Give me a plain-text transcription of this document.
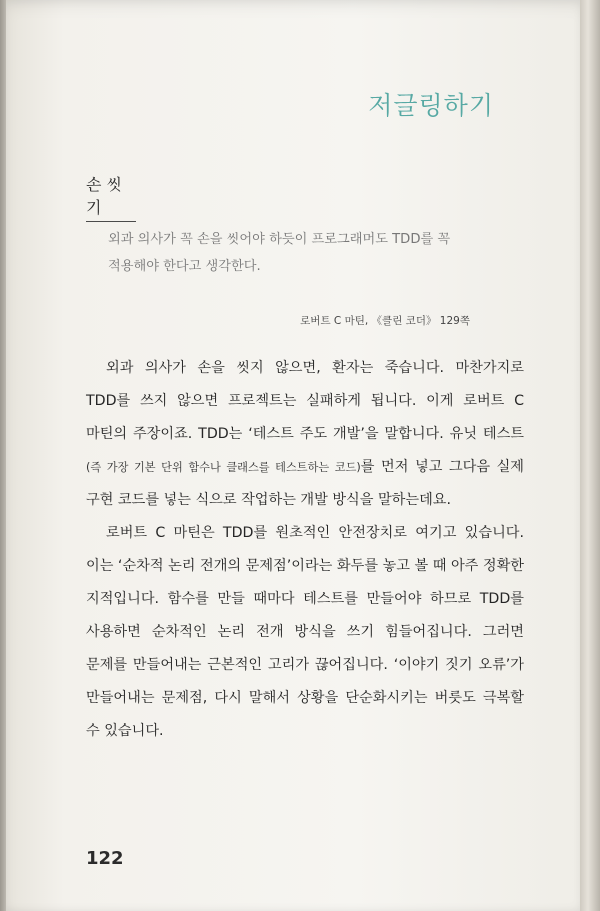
저글링하기
손 씻기
외과 의사가 꼭 손을 씻어야 하듯이 프로그래머도 TDD를 꼭
적용해야 한다고 생각한다.
로버트 C 마틴, 《클린 코더》 129쪽

외과 의사가 손을 씻지 않으면, 환자는 죽습니다. 마찬가지로 TDD를 쓰지 않으면 프로젝트는 실패하게 됩니다. 이게 로버트 C 마틴의 주장이죠. TDD는 ‘테스트 주도 개발’을 말합니다. 유닛 테스트(즉 가장 기본 단위 함수나 클래스를 테스트하는 코드)를 먼저 넣고 그다음 실제 구현 코드를 넣는 식으로 작업하는 개발 방식을 말하는데요.

로버트 C 마틴은 TDD를 원초적인 안전장치로 여기고 있습니다. 이는 ‘순차적 논리 전개의 문제점’이라는 화두를 놓고 볼 때 아주 정확한 지적입니다. 함수를 만들 때마다 테스트를 만들어야 하므로 TDD를 사용하면 순차적인 논리 전개 방식을 쓰기 힘들어집니다. 그러면 문제를 만들어내는 근본적인 고리가 끊어집니다. ‘이야기 짓기 오류’가 만들어내는 문제점, 다시 말해서 상황을 단순화시키는 버릇도 극복할 수 있습니다.

122
